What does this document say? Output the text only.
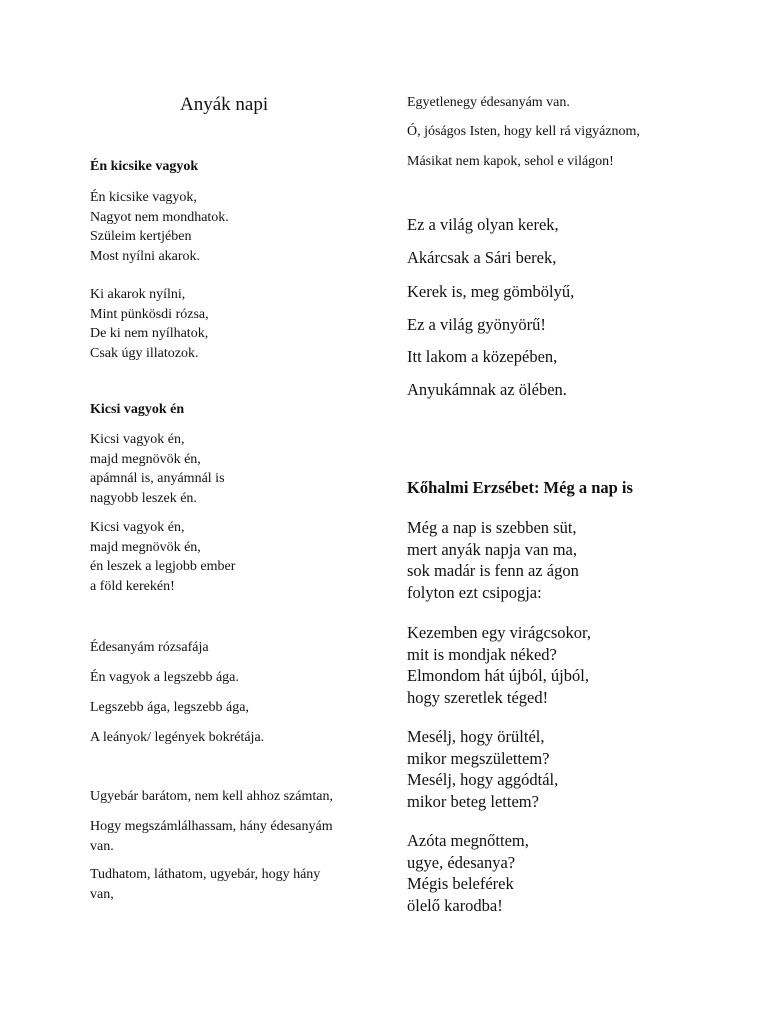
Anyák napi
Én kicsike vagyok
Én kicsike vagyok,
Nagyot nem mondhatok.
Szüleim kertjében
Most nyílni akarok.
Ki akarok nyílni,
Mint pünkösdi rózsa,
De ki nem nyílhatok,
Csak úgy illatozok.
Kicsi vagyok én
Kicsi vagyok én,
majd megnövök én,
apámnál is, anyámnál is
nagyobb leszek én.
Kicsi vagyok én,
majd megnövök én,
én leszek a legjobb ember
a föld kerekén!
Édesanyám rózsafája
Én vagyok a legszebb ága.
Legszebb ága, legszebb ága,
A leányok/ legények bokrétája.
Ugyebár barátom, nem kell ahhoz számtan,
Hogy megszámlálhassam, hány édesanyám
van.
Tudhatom, láthatom, ugyebár, hogy hány
van,
Egyetlenegy édesanyám van.
Ó, jóságos Isten, hogy kell rá vigyáznom,
Másikat nem kapok, sehol e világon!
Ez a világ olyan kerek,
Akárcsak a Sári berek,
Kerek is, meg gömbölyű,
Ez a világ gyönyörű!
Itt lakom a közepében,
Anyukámnak az ölében.
Kőhalmi Erzsébet: Még a nap is
Még a nap is szebben süt,
mert anyák napja van ma,
sok madár is fenn az ágon
folyton ezt csipogja:
Kezemben egy virágcsokor,
mit is mondjak néked?
Elmondom hát újból, újból,
hogy szeretlek téged!
Mesélj, hogy örültél,
mikor megszülettem?
Mesélj, hogy aggódtál,
mikor beteg lettem?
Azóta megnőttem,
ugye, édesanya?
Mégis beleférek
ölelő karodba!
